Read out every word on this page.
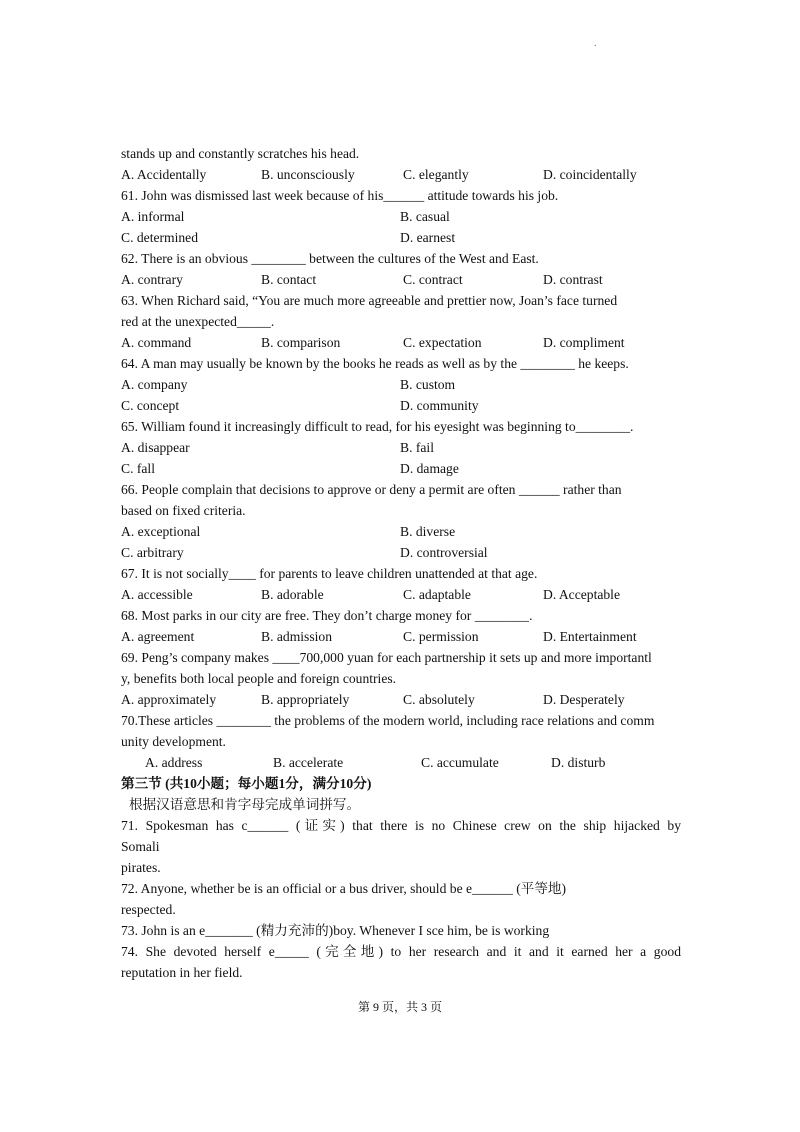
.
stands up and constantly scratches his head.
A. Accidentally	B. unconsciously	C. elegantly	D. coincidentally
61. John was dismissed last week because of his______ attitude towards his job.
A. informal	B. casual
C. determined	D. earnest
62. There is an obvious ________ between the cultures of the West and East.
A. contrary	B. contact	C. contract	D. contrast
63. When Richard said, “You are much more agreeable and prettier now, Joan’s face turned
red at the unexpected_____.
A. command	B. comparison	C. expectation	D. compliment
64. A man may usually be known by the books he reads as well as by the ________ he keeps.
A. company	B. custom
C. concept	D. community
65. William found it increasingly difficult to read, for his eyesight was beginning to________.
A. disappear	B. fail
C. fall	D. damage
66. People complain that decisions to approve or deny a permit are often ______ rather than
based on fixed criteria.
A. exceptional	B. diverse
C. arbitrary	D. controversial
67. It is not socially____ for parents to leave children unattended at that age.
A. accessible	B. adorable	C. adaptable	D. Acceptable
68. Most parks in our city are free. They don’t charge money for ________.
A. agreement	B. admission	C. permission	D. Entertainment
69. Peng’s company makes ____700,000 yuan for each partnership it sets up and more importantl
y, benefits both local people and foreign countries.
A. approximately	B. appropriately	C. absolutely	D. Desperately
70.These articles ________ the problems of the modern world, including race relations and comm
unity development.
A. address	B. accelerate	C. accumulate	D. disturb
第三节 (共10小题；每小题1分，满分10分)
根据汉语意思和肯字母完成单词拼写。
71. Spokesman has c______ (证实) that there is no Chinese crew on the ship hijacked by
Somali
pirates.
72. Anyone, whether be is an official or a bus driver, should be e______ (平等地)
respected.
73. John is an e_______ (精力充沛的)boy. Whenever I sce him, be is working
74. She devoted herself e_____ (完全地) to her research and it and it earned her a good
reputation in her field.
第 9 页，共 3 页
